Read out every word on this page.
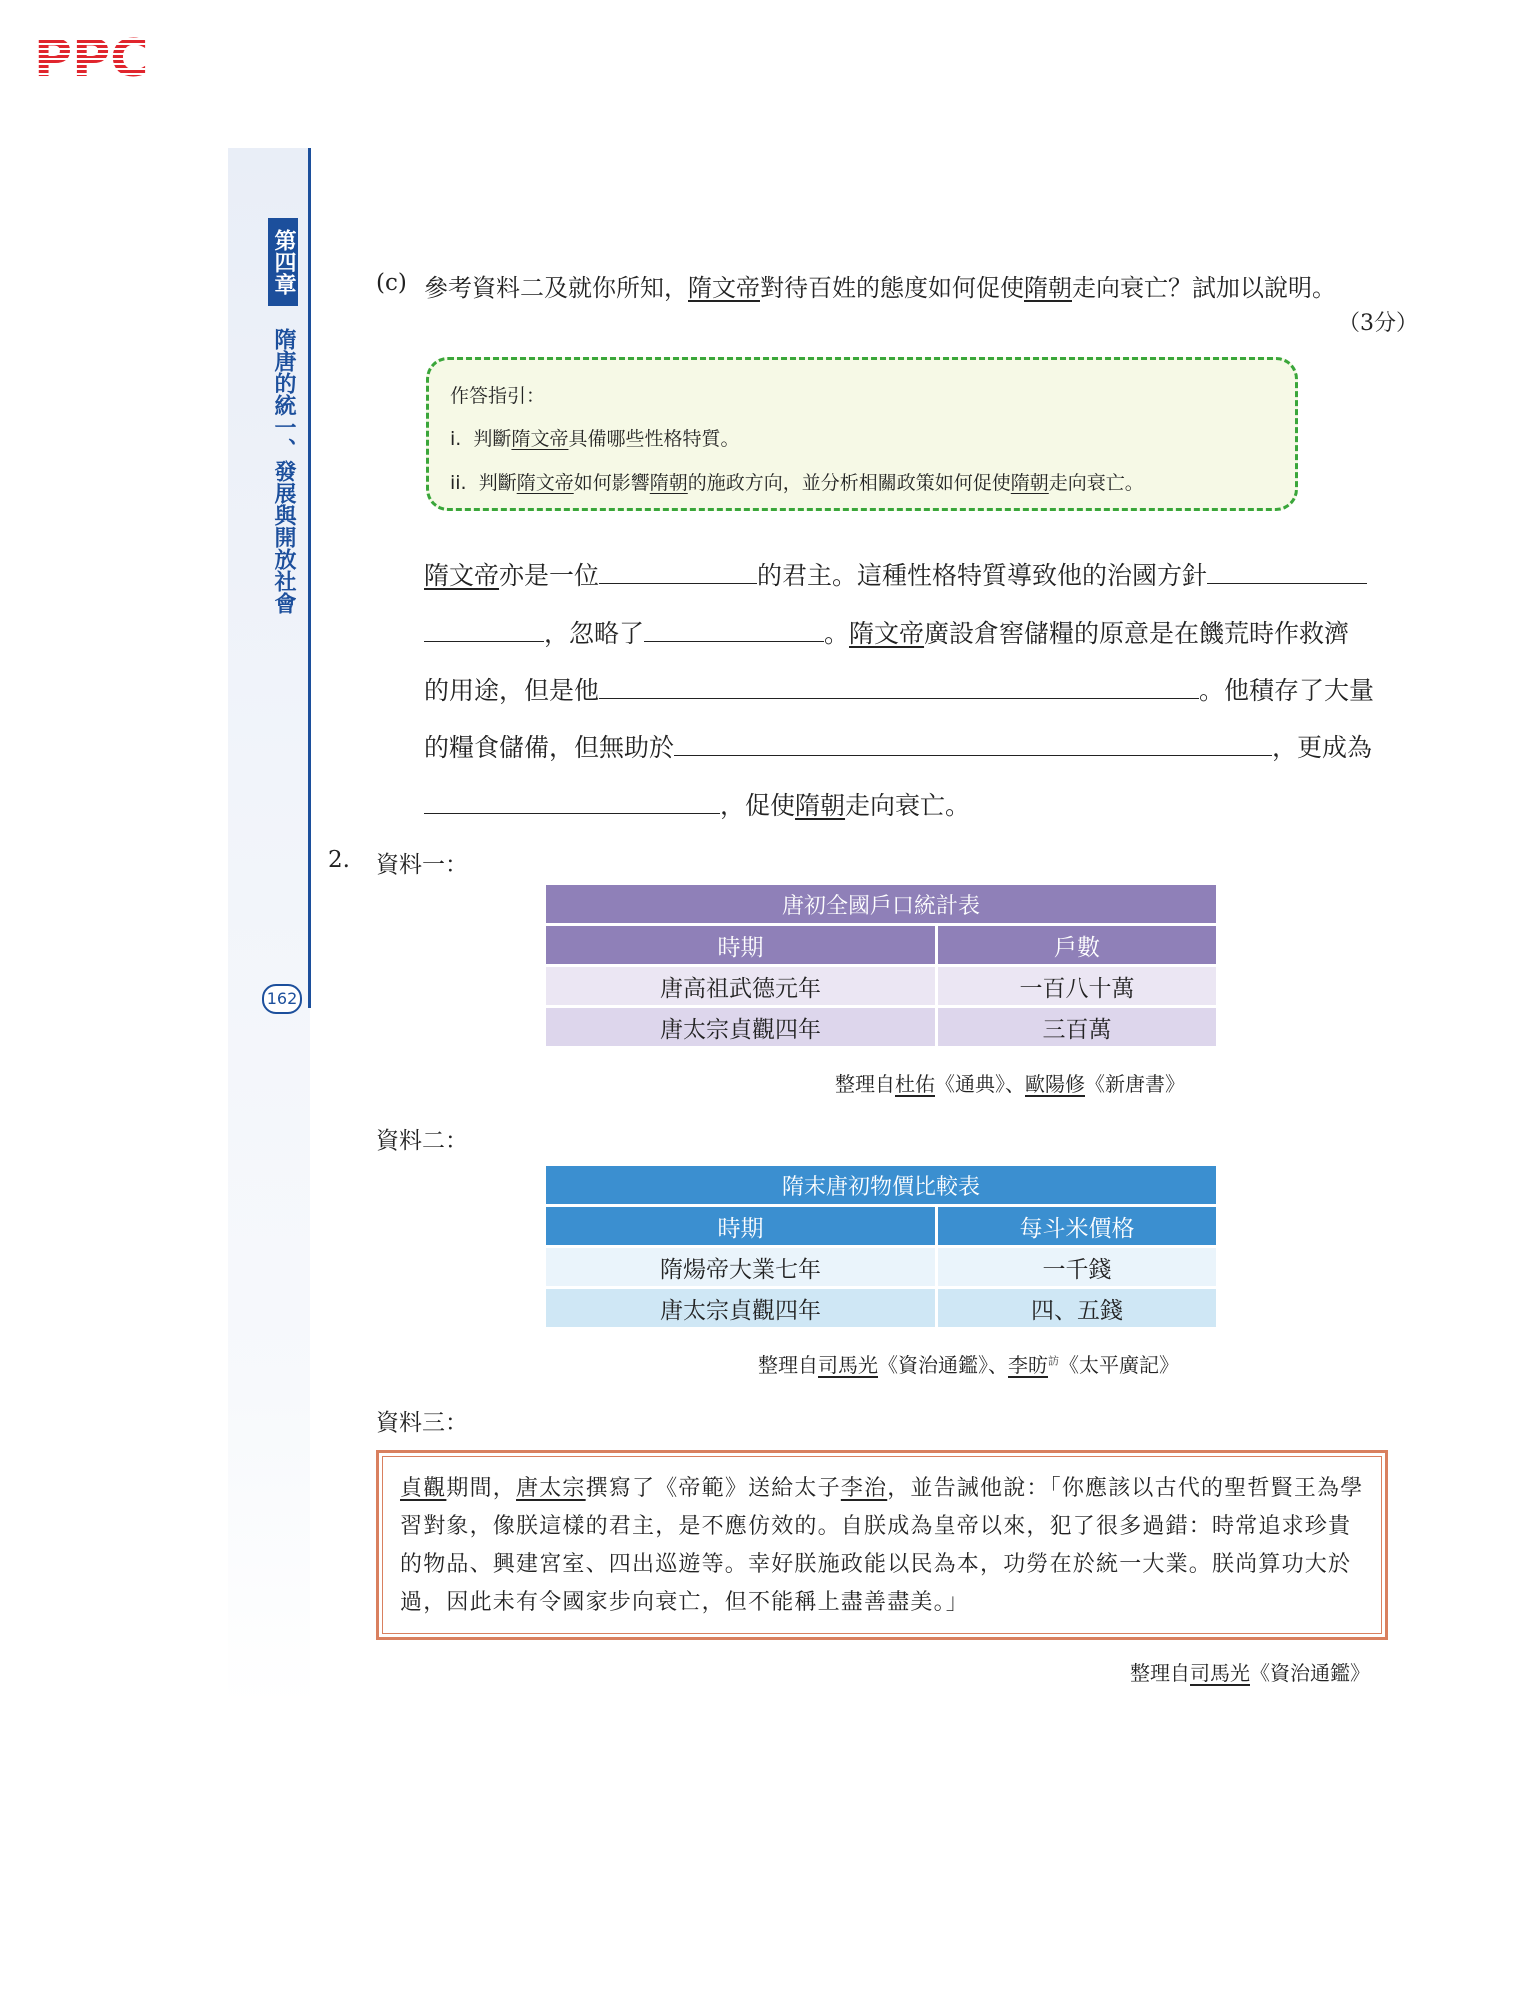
PPC
第四章
隋唐的統一、發展與開放社會
162
(c) 參考資料二及就你所知，隋文帝對待百姓的態度如何促使隋朝走向衰亡？試加以說明。
（3分）
作答指引：
i. 判斷隋文帝具備哪些性格特質。
ii. 判斷隋文帝如何影響隋朝的施政方向，並分析相關政策如何促使隋朝走向衰亡。
隋文帝亦是一位	的君主。這種性格特質導致他的治國方針
，忽略了	。隋文帝廣設倉窖儲糧的原意是在饑荒時作救濟
的用途，但是他	。他積存了大量
的糧食儲備，但無助於	，更成為
，促使隋朝走向衰亡。
2. 資料一：
唐初全國戶口統計表	
時期	戶數
唐高祖武德元年	一百八十萬
唐太宗貞觀四年	三百萬
整理自杜佑《通典》、歐陽修《新唐書》
資料二：
隋末唐初物價比較表	
時期	每斗米價格
隋煬帝大業七年	一千錢
唐太宗貞觀四年	四、五錢
整理自司馬光《資治通鑑》、李昉$^訪$《太平廣記》
資料三：
貞觀期間，唐太宗撰寫了《帝範》送給太子李治，並告誡他說：「你應該以古代的聖哲賢王為學習對象，像朕這樣的君主，是不應仿效的。自朕成為皇帝以來，犯了很多過錯：時常追求珍貴的物品、興建宮室、四出巡遊等。幸好朕施政能以民為本，功勞在於統一大業。朕尚算功大於過，因此未有令國家步向衰亡，但不能稱上盡善盡美。」
整理自司馬光《資治通鑑》
